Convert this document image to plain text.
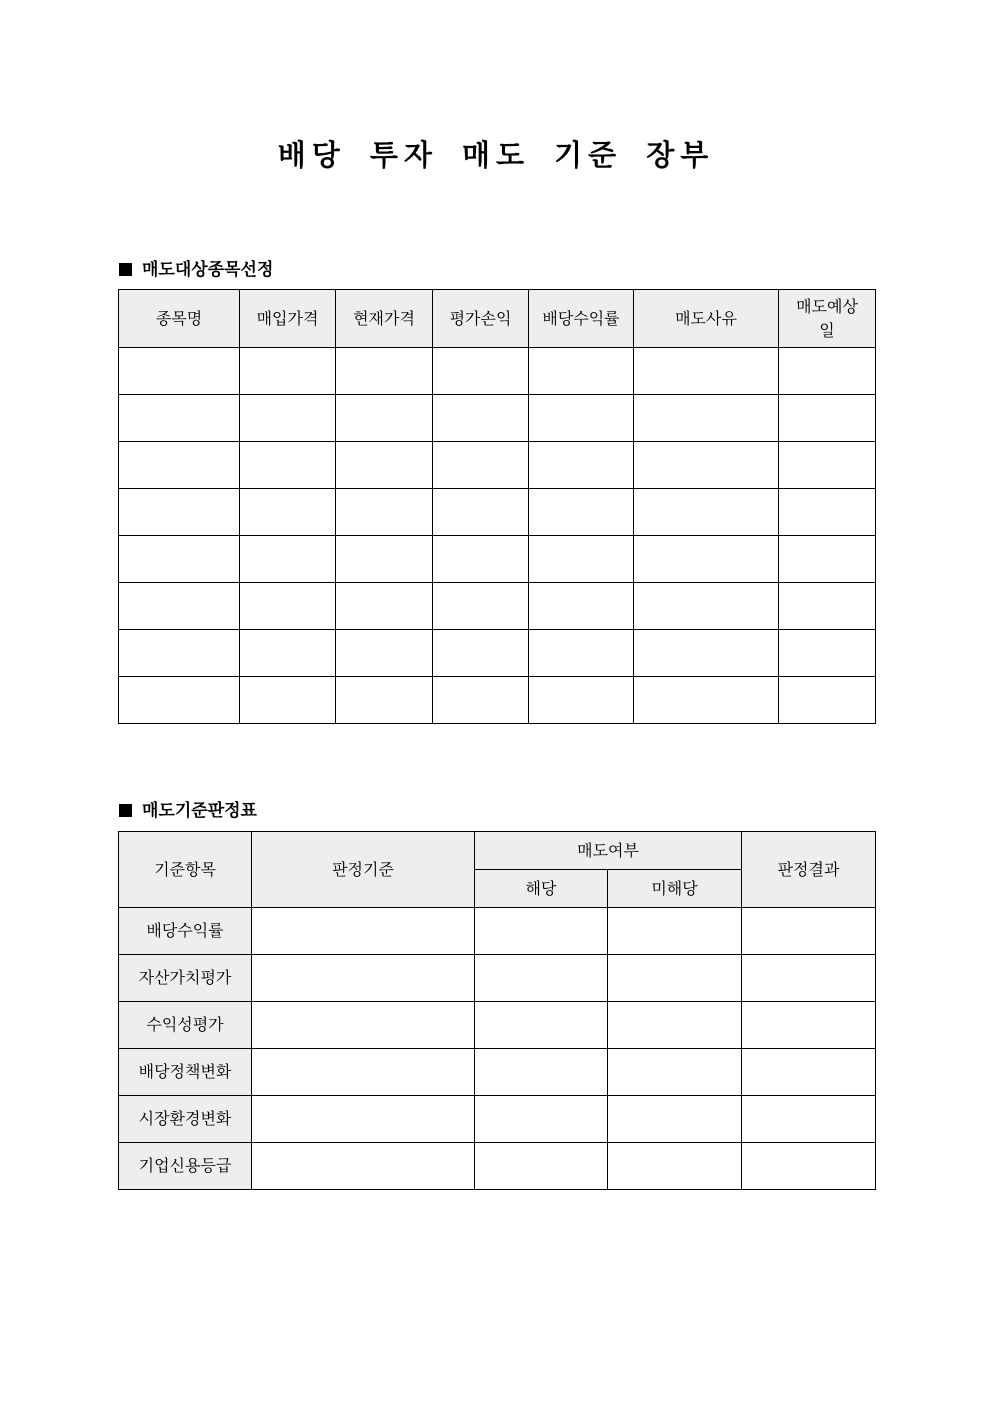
배당 투자 매도 기준 장부
매도대상종목선정
종목명	매입가격	현재가격	평가손익	배당수익률	매도사유	매도예상
일

매도기준판정표
기준항목	판정기준	매도여부		판정결과
		해당	미해당	
배당수익률				
자산가치평가				
수익성평가				
배당정책변화				
시장환경변화				
기업신용등급				
